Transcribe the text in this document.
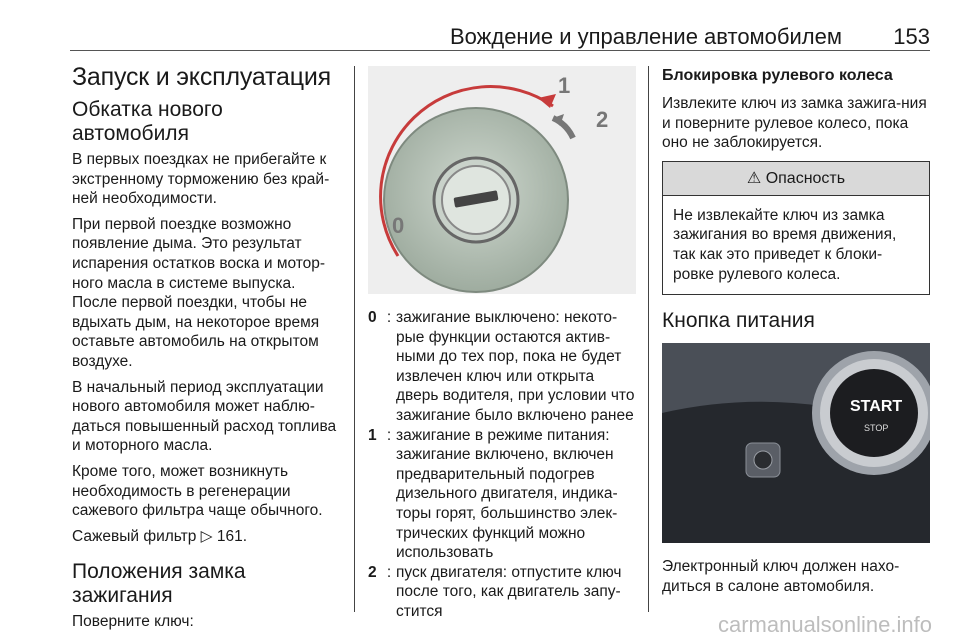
Вождение и управление автомобилем 153
Запуск и эксплуатация
Обкатка нового автомобиля

В первых поездках не прибегайте к экстренному торможению без край-ней необходимости.

При первой поездке возможно появление дыма. Это результат испарения остатков воска и мотор-ного масла в системе выпуска. После первой поездки, чтобы не вдыхать дым, на некоторое время оставьте автомобиль на открытом воздухе.

В начальный период эксплуатации нового автомобиля может наблю-даться повышенный расход топлива и моторного масла.

Кроме того, может возникнуть необходимость в регенерации сажевого фильтра чаще обычного.

Сажевый фильтр ▷ 161.

Положения замка зажигания

Поверните ключ:

0
1
2
0 : зажигание выключено: некото-рые функции остаются актив-ными до тех пор, пока не будет извлечен ключ или открыта дверь водителя, при условии что зажигание было включено ранее
1 : зажигание в режиме питания: зажигание включено, включен предварительный подогрев дизельного двигателя, индика-торы горят, большинство элек-трических функций можно использовать
2 : пуск двигателя: отпустите ключ после того, как двигатель запу-стится
Блокировка рулевого колеса

Извлеките ключ из замка зажига-ния и поверните рулевое колесо, пока оно не заблокируется.

⚠ Опасность
Не извлекайте ключ из замка зажигания во время движения, так как это приведет к блоки-ровке рулевого колеса.
Кнопка питания
START
STOP

Электронный ключ должен нахо-диться в салоне автомобиля.

carmanualsonline.info
